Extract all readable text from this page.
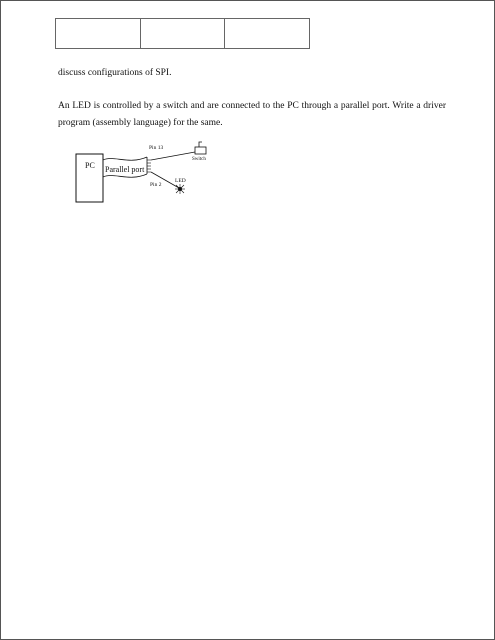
discuss configurations of SPI.

An LED is controlled by a switch and are connected to the PC through a parallel port. Write a driver program (assembly language) for the same.

PC Parallel port
Pin 13
Switch
Pin 2
LED
